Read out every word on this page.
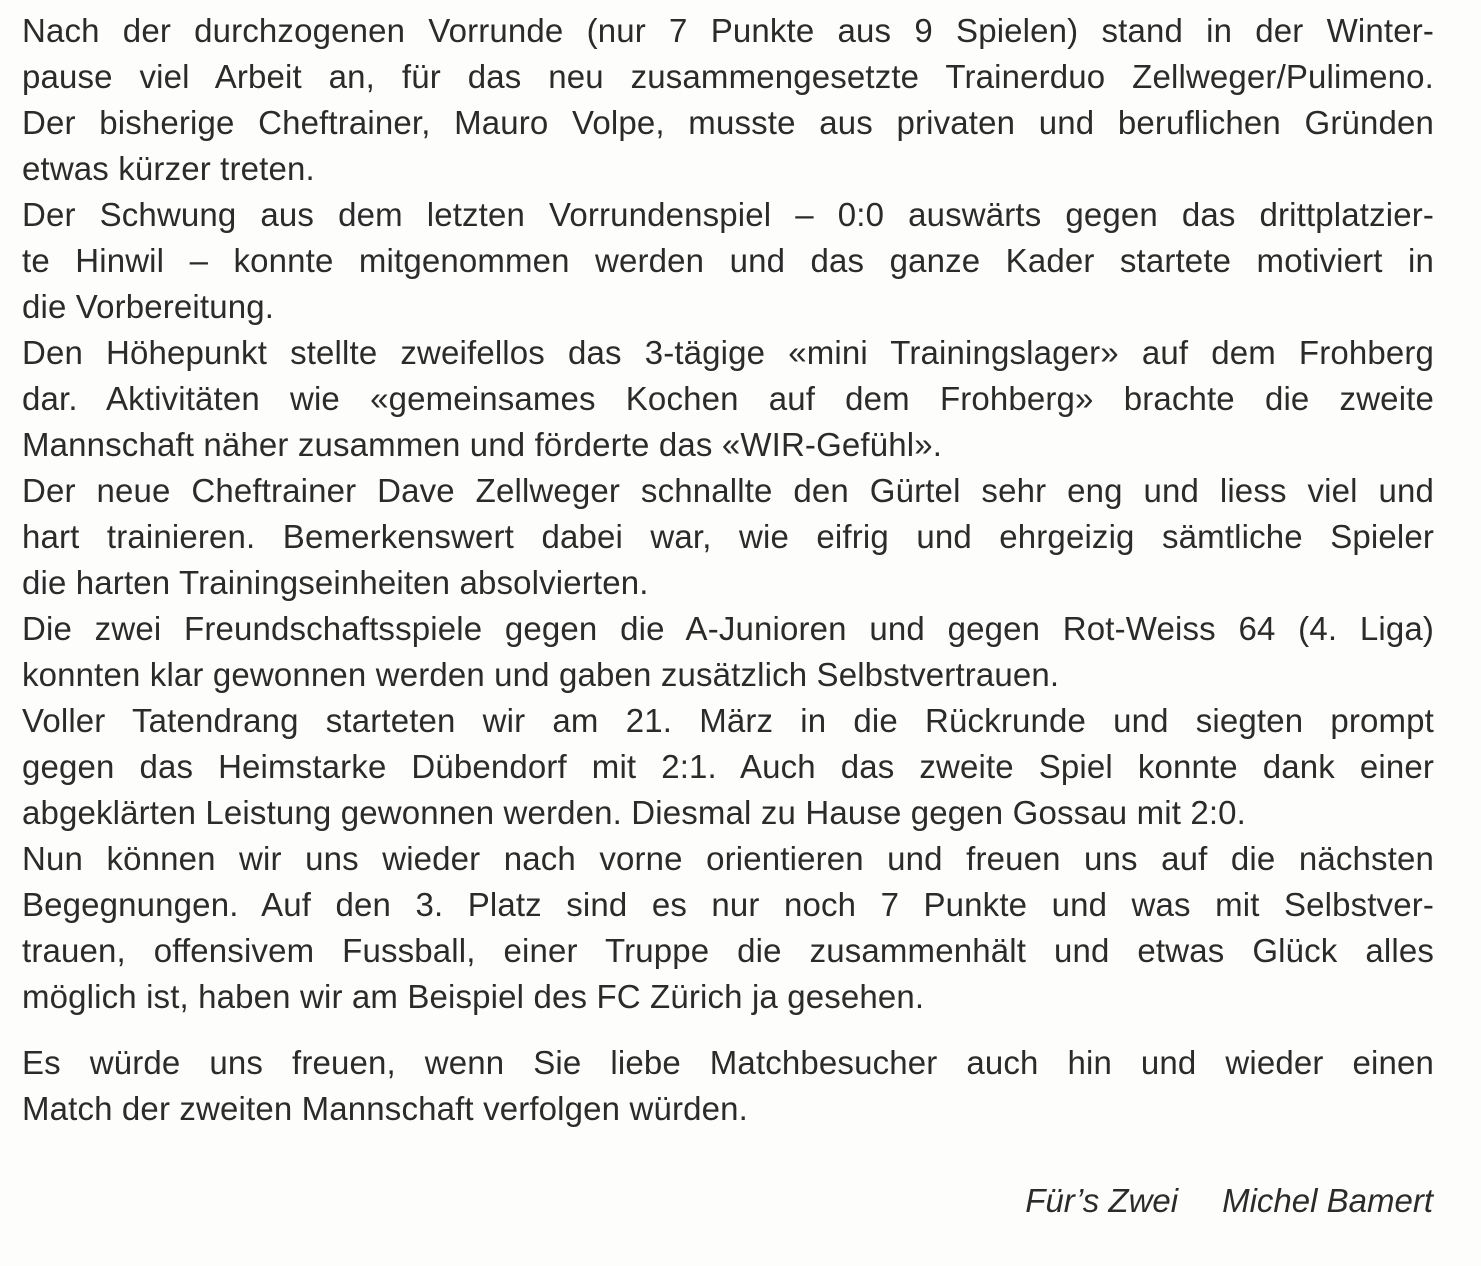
Nach der durchzogenen Vorrunde (nur 7 Punkte aus 9 Spielen) stand in der Winter-
pause viel Arbeit an, für das neu zusammengesetzte Trainerduo Zellweger/Pulimeno.
Der bisherige Cheftrainer, Mauro Volpe, musste aus privaten und beruflichen Gründen
etwas kürzer treten.
Der Schwung aus dem letzten Vorrundenspiel – 0:0 auswärts gegen das drittplatzier-
te Hinwil – konnte mitgenommen werden und das ganze Kader startete motiviert in
die Vorbereitung.
Den Höhepunkt stellte zweifellos das 3-tägige «mini Trainingslager» auf dem Frohberg
dar. Aktivitäten wie «gemeinsames Kochen auf dem Frohberg» brachte die zweite
Mannschaft näher zusammen und förderte das «WIR-Gefühl».
Der neue Cheftrainer Dave Zellweger schnallte den Gürtel sehr eng und liess viel und
hart trainieren. Bemerkenswert dabei war, wie eifrig und ehrgeizig sämtliche Spieler
die harten Trainingseinheiten absolvierten.
Die zwei Freundschaftsspiele gegen die A-Junioren und gegen Rot-Weiss 64 (4. Liga)
konnten klar gewonnen werden und gaben zusätzlich Selbstvertrauen.
Voller Tatendrang starteten wir am 21. März in die Rückrunde und siegten prompt
gegen das Heimstarke Dübendorf mit 2:1. Auch das zweite Spiel konnte dank einer
abgeklärten Leistung gewonnen werden. Diesmal zu Hause gegen Gossau mit 2:0.
Nun können wir uns wieder nach vorne orientieren und freuen uns auf die nächsten
Begegnungen. Auf den 3. Platz sind es nur noch 7 Punkte und was mit Selbstver-
trauen, offensivem Fussball, einer Truppe die zusammenhält und etwas Glück alles
möglich ist, haben wir am Beispiel des FC Zürich ja gesehen.
Es würde uns freuen, wenn Sie liebe Matchbesucher auch hin und wieder einen
Match der zweiten Mannschaft verfolgen würden.
Für’s Zwei Michel Bamert
